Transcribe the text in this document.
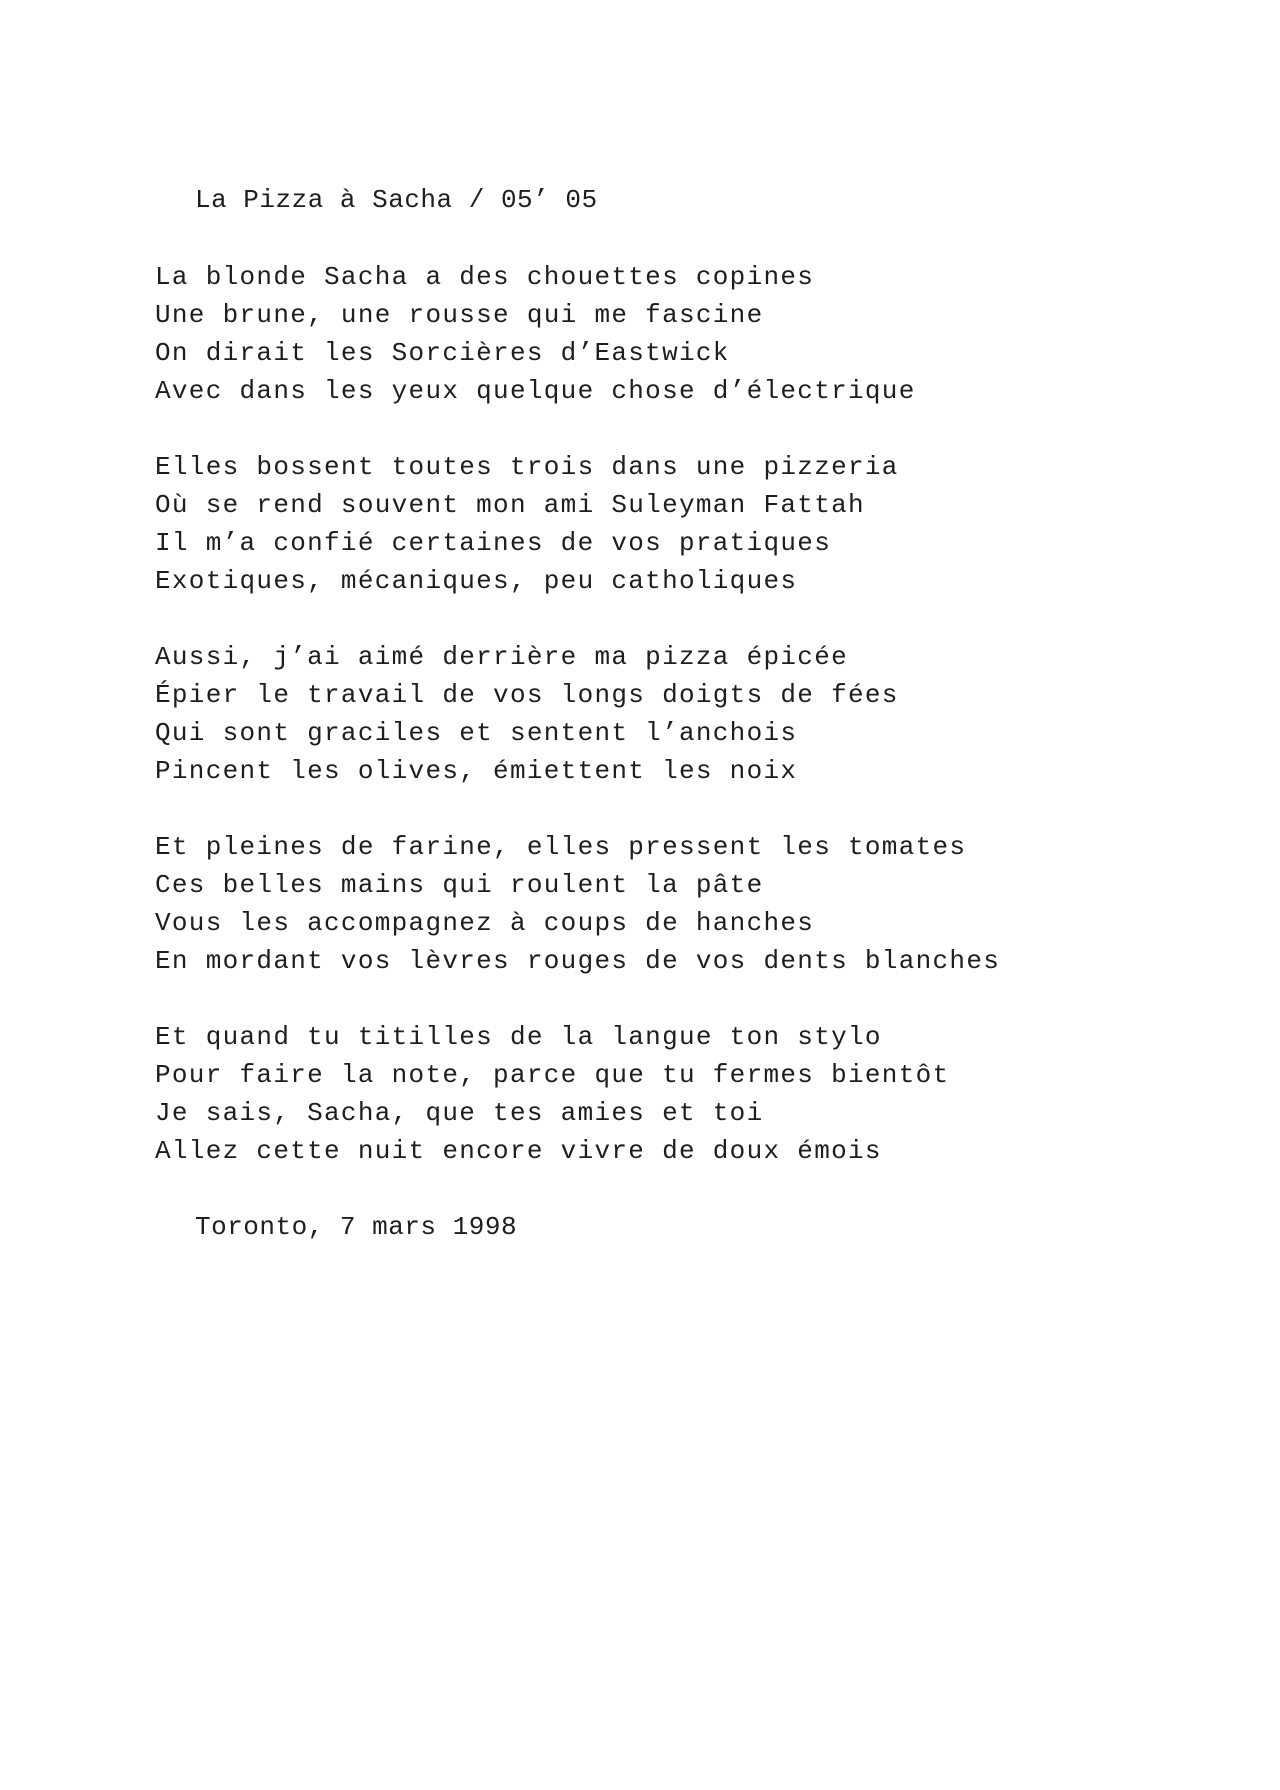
La Pizza à Sacha / 05’ 05
La blonde Sacha a des chouettes copines
Une brune, une rousse qui me fascine
On dirait les Sorcières d’Eastwick
Avec dans les yeux quelque chose d’électrique
Elles bossent toutes trois dans une pizzeria
Où se rend souvent mon ami Suleyman Fattah
Il m’a confié certaines de vos pratiques
Exotiques, mécaniques, peu catholiques
Aussi, j’ai aimé derrière ma pizza épicée
Épier le travail de vos longs doigts de fées
Qui sont graciles et sentent l’anchois
Pincent les olives, émiettent les noix
Et pleines de farine, elles pressent les tomates
Ces belles mains qui roulent la pâte
Vous les accompagnez à coups de hanches
En mordant vos lèvres rouges de vos dents blanches
Et quand tu titilles de la langue ton stylo
Pour faire la note, parce que tu fermes bientôt
Je sais, Sacha, que tes amies et toi
Allez cette nuit encore vivre de doux émois
Toronto, 7 mars 1998
